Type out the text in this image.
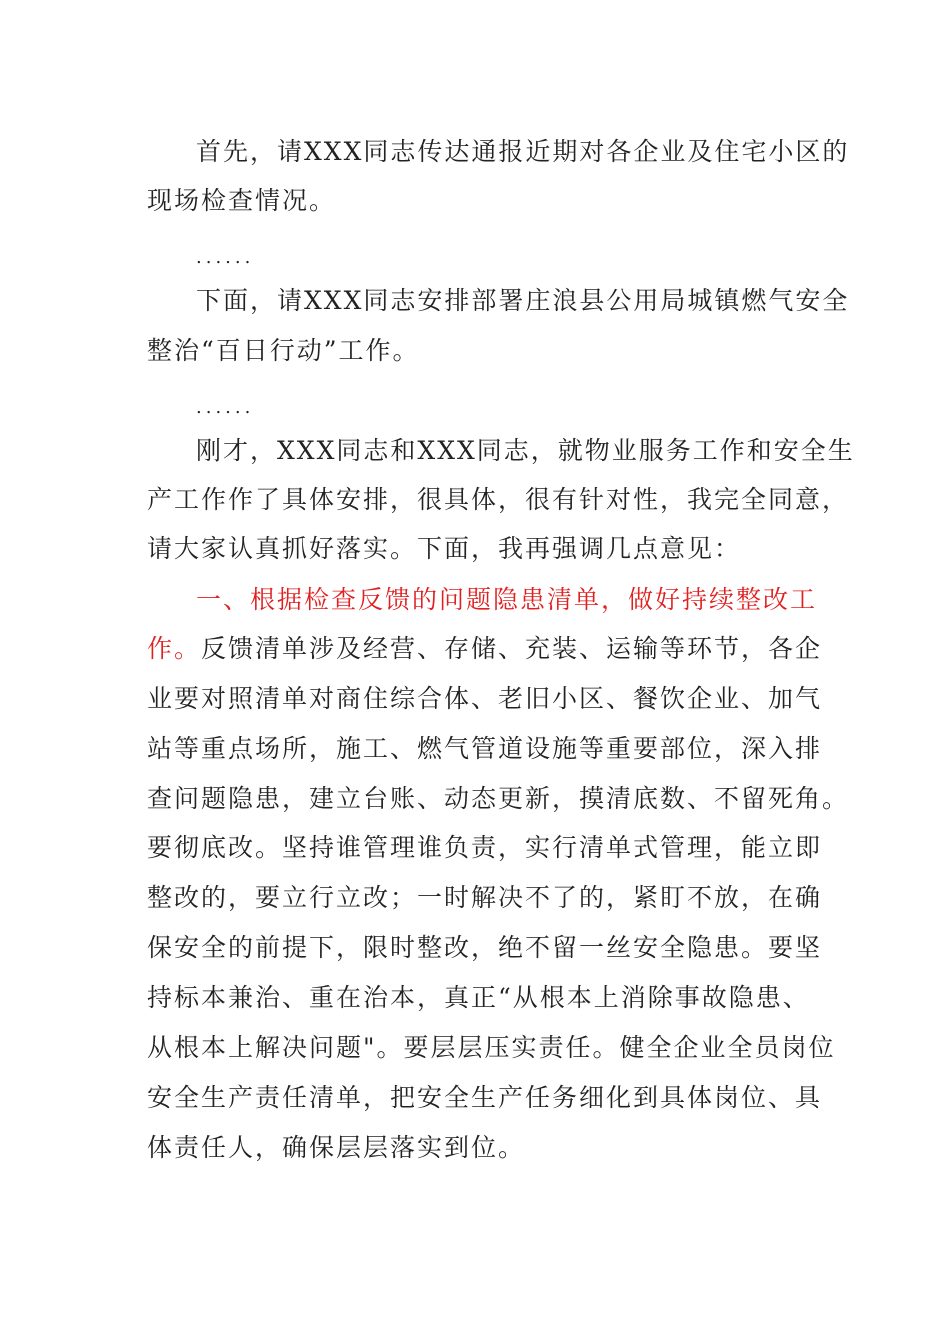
首先，请XXX同志传达通报近期对各企业及住宅小区的
现场检查情况。
......
下面，请XXX同志安排部署庄浪县公用局城镇燃气安全
整治“百日行动”工作。
......
刚才，XXX同志和XXX同志，就物业服务工作和安全生
产工作作了具体安排，很具体，很有针对性，我完全同意，
请大家认真抓好落实。下面，我再强调几点意见：
一、根据检查反馈的问题隐患清单，做好持续整改工
作。反馈清单涉及经营、存储、充装、运输等环节，各企
业要对照清单对商住综合体、老旧小区、餐饮企业、加气
站等重点场所，施工、燃气管道设施等重要部位，深入排
查问题隐患，建立台账、动态更新，摸清底数、不留死角。
要彻底改。坚持谁管理谁负责，实行清单式管理，能立即
整改的，要立行立改；一时解决不了的，紧盯不放，在确
保安全的前提下，限时整改，绝不留一丝安全隐患。要坚
持标本兼治、重在治本，真正“从根本上消除事故隐患、
从根本上解决问题"。要层层压实责任。健全企业全员岗位
安全生产责任清单，把安全生产任务细化到具体岗位、具
体责任人，确保层层落实到位。
